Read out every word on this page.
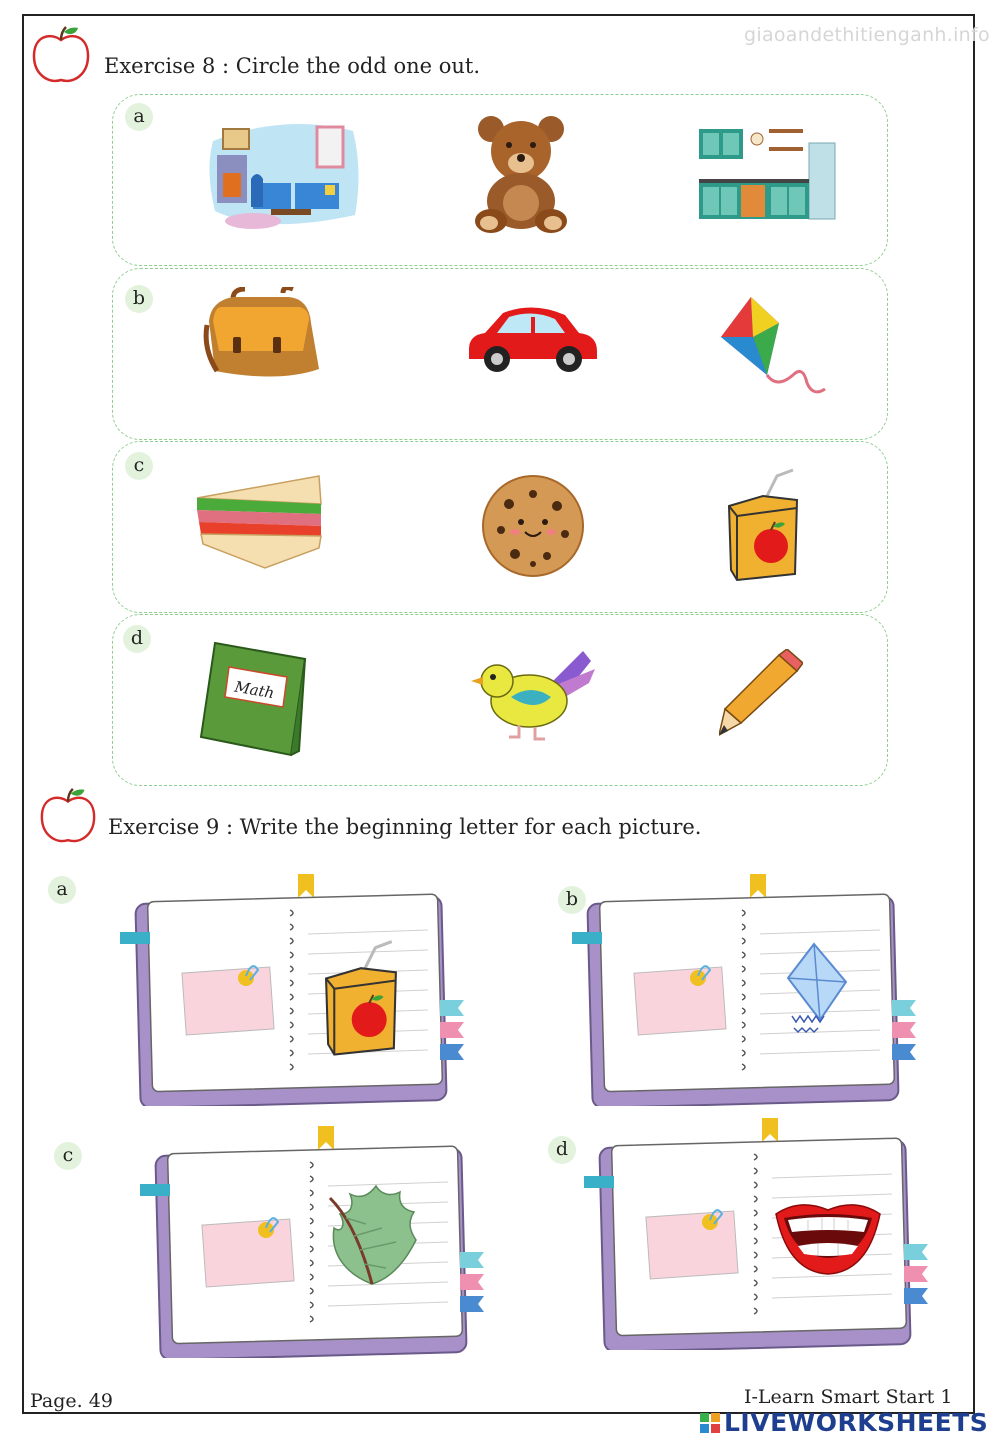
giaoandethitienganh.info
Exercise 8 : Circle the odd one out.
a
b
c
d
Math
Exercise 9 : Write the beginning letter for each picture.
a	b
c	d
Page. 49	I-Learn Smart Start 1
LIVEWORKSHEETS
